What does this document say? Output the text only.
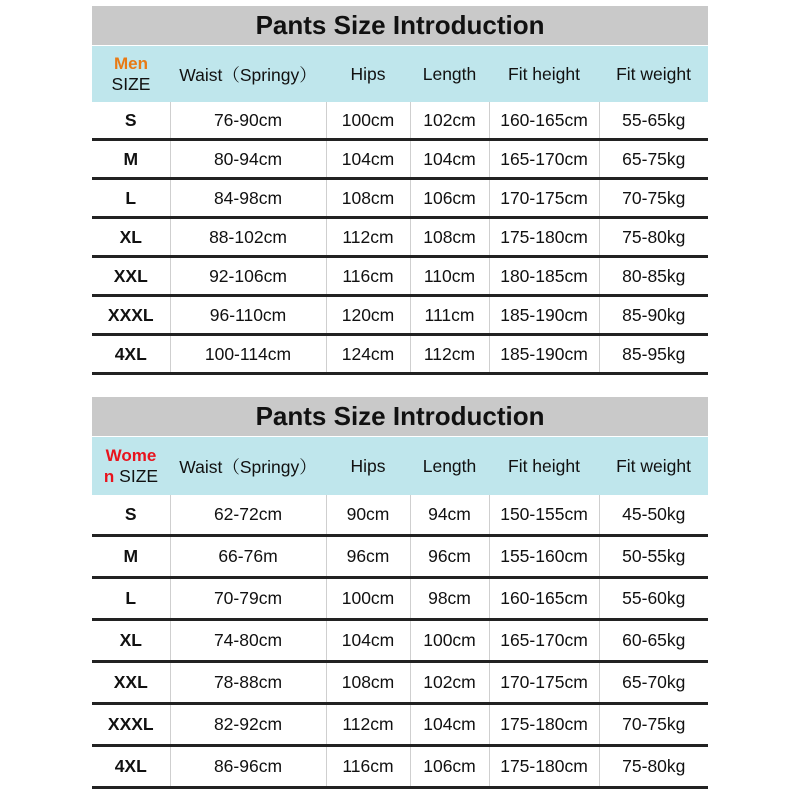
Pants Size Introduction					
Men
SIZE	Waist（Springy）	Hips	Length	Fit height	Fit weight
S	76-90cm	100cm	102cm	160-165cm	55-65kg
M	80-94cm	104cm	104cm	165-170cm	65-75kg
L	84-98cm	108cm	106cm	170-175cm	70-75kg
XL	88-102cm	112cm	108cm	175-180cm	75-80kg
XXL	92-106cm	116cm	110cm	180-185cm	80-85kg
XXXL	96-110cm	120cm	111cm	185-190cm	85-90kg
4XL	100-114cm	124cm	112cm	185-190cm	85-95kg
Pants Size Introduction					
Wome
n SIZE	Waist（Springy）	Hips	Length	Fit height	Fit weight
S	62-72cm	90cm	94cm	150-155cm	45-50kg
M	66-76m	96cm	96cm	155-160cm	50-55kg
L	70-79cm	100cm	98cm	160-165cm	55-60kg
XL	74-80cm	104cm	100cm	165-170cm	60-65kg
XXL	78-88cm	108cm	102cm	170-175cm	65-70kg
XXXL	82-92cm	112cm	104cm	175-180cm	70-75kg
4XL	86-96cm	116cm	106cm	175-180cm	75-80kg
